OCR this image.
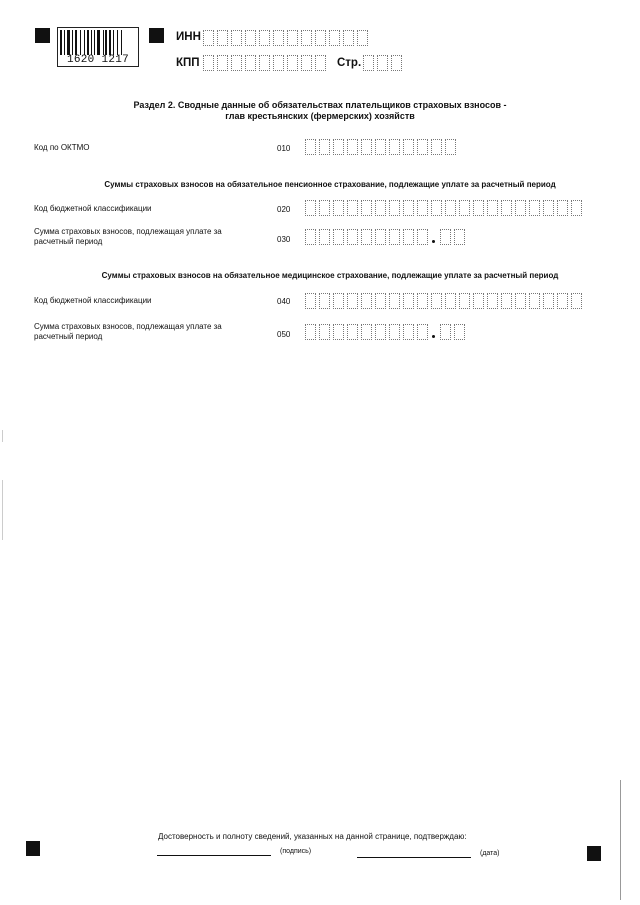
1620 1217
ИНН
КПП	Стр.
Раздел 2. Сводные данные об обязательствах плательщиков страховых взносов -
глав крестьянских (фермерских) хозяйств
Код по ОКТМО	010
Суммы страховых взносов на обязательное пенсионное страхование, подлежащие уплате за расчетный период
Код бюджетной классификации	020
Сумма страховых взносов, подлежащая уплате за
расчетный период	030
Суммы страховых взносов на обязательное медицинское страхование, подлежащие уплате за расчетный период
Код бюджетной классификации	040
Сумма страховых взносов, подлежащая уплате за
расчетный период	050
Достоверность и полноту сведений, указанных на данной странице, подтверждаю:
(подпись)	(дата)
